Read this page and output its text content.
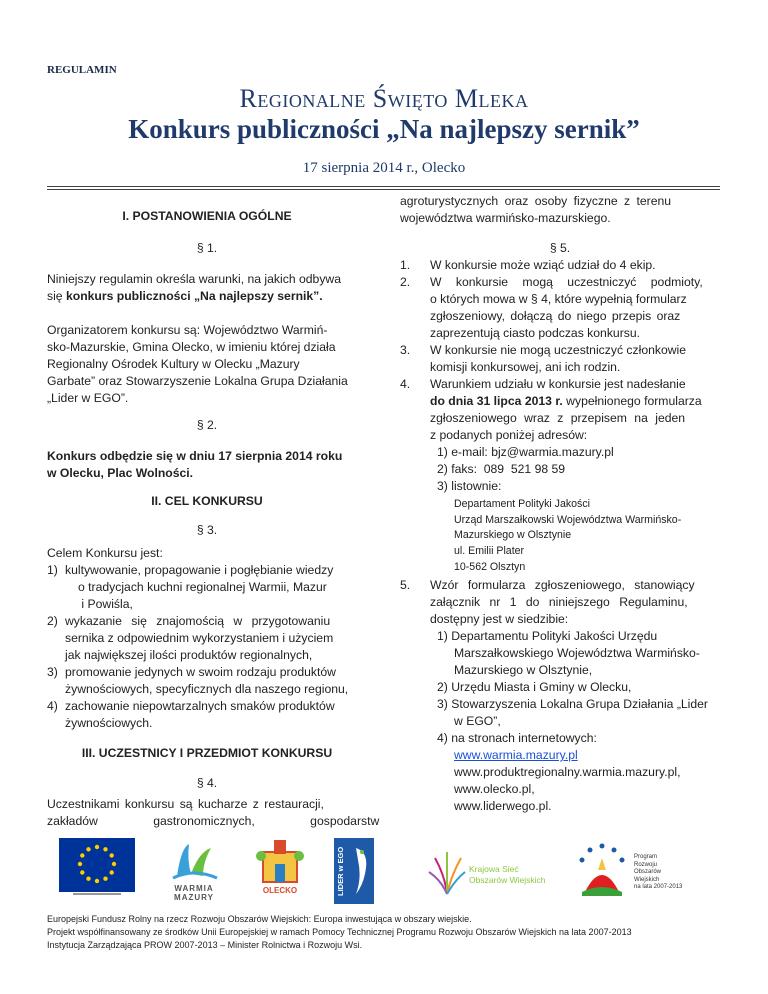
REGULAMIN
Regionalne Święto Mleka
Konkurs publiczności „Na najlepszy sernik”
17 sierpnia 2014 r., Olecko
I. POSTANOWIENIA OGÓLNE
§ 1.
Niniejszy regulamin określa warunki, na jakich odbywa
się konkurs publiczności „Na najlepszy sernik”.
Organizatorem konkursu są: Województwo Warmiń-
sko-Mazurskie, Gmina Olecko, w imieniu której działa
Regionalny Ośrodek Kultury w Olecku „Mazury
Garbate” oraz Stowarzyszenie Lokalna Grupa Działania
„Lider w EGO”.
§ 2.
Konkurs odbędzie się w dniu 17 sierpnia 2014 roku
w Olecku, Plac Wolności.
II. CEL KONKURSU
§ 3.
Celem Konkursu jest:
1) kultywowanie, propagowanie i pogłębianie wiedzy
o tradycjach kuchni regionalnej Warmii, Mazur
i Powiśla,
2) wykazanie się znajomością w przygotowaniu
sernika z odpowiednim wykorzystaniem i użyciem
jak największej ilości produktów regionalnych,
3) promowanie jedynych w swoim rodzaju produktów
żywnościowych, specyficznych dla naszego regionu,
4) zachowanie niepowtarzalnych smaków produktów
żywnościowych.
III. UCZESTNICY I PRZEDMIOT KONKURSU
§ 4.
Uczestnikami konkursu są kucharze z restauracji,
zakładów gastronomicznych, gospodarstw
agroturystycznych oraz osoby fizyczne z terenu
województwa warmińsko-mazurskiego.
§ 5.
1. W konkursie może wziąć udział do 4 ekip.
2. W konkursie mogą uczestniczyć podmioty,
o których mowa w § 4, które wypełnią formularz
zgłoszeniowy, dołączą do niego przepis oraz
zaprezentują ciasto podczas konkursu.
3. W konkursie nie mogą uczestniczyć członkowie
komisji konkursowej, ani ich rodzin.
4. Warunkiem udziału w konkursie jest nadesłanie
do dnia 31 lipca 2013 r. wypełnionego formularza
zgłoszeniowego wraz z przepisem na jeden
z podanych poniżej adresów:
1) e-mail: bjz@warmia.mazury.pl
2) faks:  089  521 98 59
3) listownie:
Departament Polityki Jakości
Urząd Marszałkowski Województwa Warmińsko-
Mazurskiego w Olsztynie
ul. Emilii Plater
10-562 Olsztyn
5. Wzór formularza zgłoszeniowego, stanowiący
załącznik nr 1 do niniejszego Regulaminu,
dostępny jest w siedzibie:
1) Departamentu Polityki Jakości Urzędu
Marszałkowskiego Województwa Warmińsko-
Mazurskiego w Olsztynie,
2) Urzędu Miasta i Gminy w Olecku,
3) Stowarzyszenia Lokalna Grupa Działania „Lider
w EGO”,
4) na stronach internetowych:
www.warmia.mazury.pl
www.produktregionalny.warmia.mazury.pl,
www.olecko.pl,
www.liderwego.pl.
WARMIA MAZURY
OLECKO	LIDER w EGO	Krajowa Sieć
Obszarów Wiejskich
Program
Rozwoju
Obszarów
Wiejskich
na lata 2007-2013
Europejski Fundusz Rolny na rzecz Rozwoju Obszarów Wiejskich: Europa inwestująca w obszary wiejskie.
Projekt współfinansowany ze środków Unii Europejskiej w ramach Pomocy Technicznej Programu Rozwoju Obszarów Wiejskich na lata 2007-2013
Instytucja Zarządzająca PROW 2007-2013 – Minister Rolnictwa i Rozwoju Wsi.
